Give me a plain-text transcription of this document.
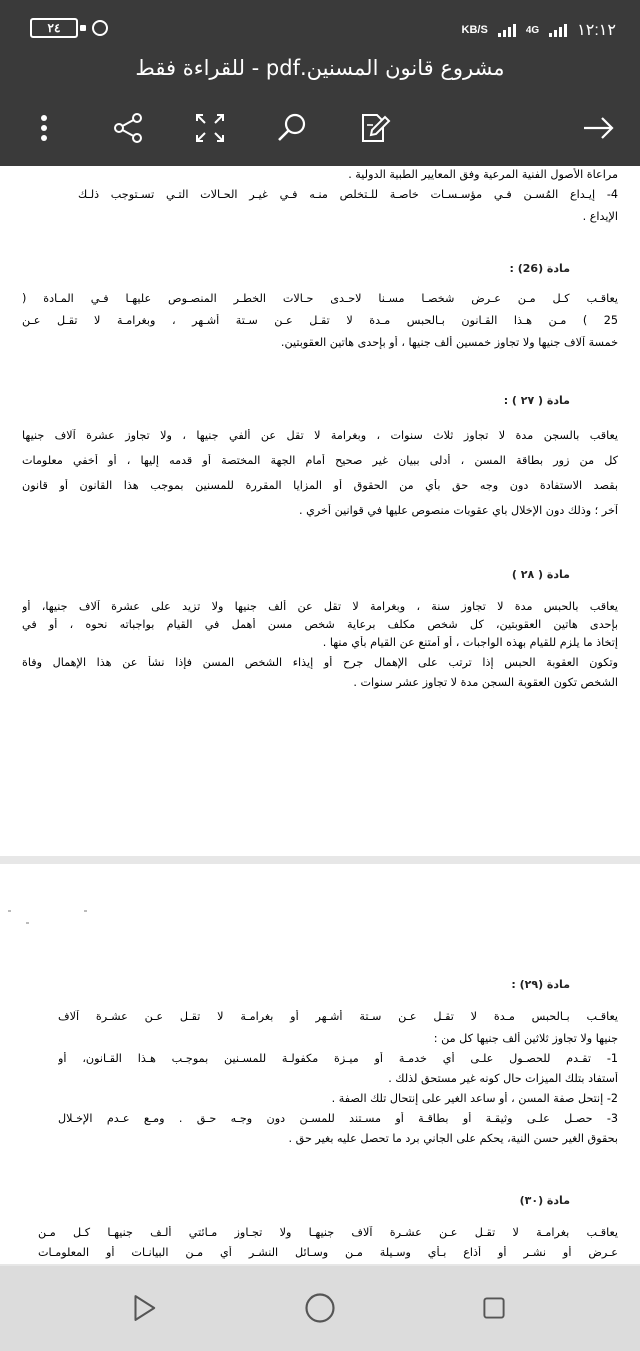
٢٤	KB/S	4G ١٢:١٢
مشروع قانون المسنين.pdf - للقراءة فقط
مراعاة الأصول الفنية المرعية وفق المعايير الطبية الدولية .
4- إيـداع المُسـن فـي مؤسـسـات خاصـة للـتخلص منـه فـي غيـر الحـالات التـي تسـتوجب ذلـك
الإيداع .
مادة (26) :
يعاقـب كـل مـن عـرض شخصـا مسـنا لاحـدى حـالات الخطـر المنصـوص عليهـا فـي المـادة (
25 ) مـن هـذا القـانون بـالحبس مـدة لا تقـل عـن سـتة أشـهر ، وبغرامـة لا تقـل عـن
خمسة آلاف جنيها ولا تجاوز خمسين ألف جنيها ، أو بإحدى هاتين العقوبتين.
مادة ( ٢٧ ) :
يعاقب بالسجن مدة لا تجاوز ثلاث سنوات ، وبغرامة لا تقل عن ألفي جنيها ، ولا تجاوز عشرة آلاف جنيها
كل من زور بطاقة المسن ، أدلى ببيان غير صحيح أمام الجهة المختصة أو قدمه إليها ، أو أخفي معلومات
بقصد الاستفادة دون وجه حق بأي من الحقوق أو المزايا المقررة للمسنين بموجب هذا القانون أو قانون
آخر ؛ وذلك دون الإخلال باي عقوبات منصوص عليها في قوانين أخري .
مادة ( ٢٨ )
يعاقب بالحبس مدة لا تجاوز سنة ، وبغرامة لا تقل عن ألف جنيها ولا تزيد على عشرة آلاف جنيها، أو
بإحدى هاتين العقوبتين، كل شخص مكلف برعاية شخص مسن أهمل في القيام بواجباته نحوه ، أو في
إتخاذ ما يلزم للقيام بهذه الواجبات ، أو أمتنع عن القيام بأي منها .
وتكون العقوبة الحبس إذا ترتب على الإهمال جرح أو إيذاء الشخص المسن فإذا نشأ عن هذا الإهمال وفاة
الشخص تكون العقوبة السجن مدة لا تجاوز عشر سنوات .
مادة (٢٩) :
يعاقـب بـالحبس مـدة لا تقـل عـن سـتة أشـهر أو بغرامـة لا تقـل عـن عشـرة آلاف
جنيها ولا تجاوز ثلاثين ألف جنيها كل من :
1- تقـدم للحصـول علـى أي خدمـة أو ميـزة مكفولـة للمسـنين بموجـب هـذا القـانون، أو
أستفاد بتلك الميزات حال كونه غير مستحق لذلك .
2- إنتحل صفة المسن ، أو ساعد الغير على إنتحال تلك الصفة .
3- حصـل علـى وثيقـة أو بطاقـة أو مسـتند للمسـن دون وجـه حـق . ومـع عـدم الإخـلال
بحقوق الغير حسن النية، يحكم على الجاني برد ما تحصل عليه بغير حق .
مادة (٣٠)
يعاقـب بغرامـة لا تقـل عـن عشـرة آلاف جنيهـا ولا تجـاوز مـائتي ألـف جنيهـا كـل مـن
عـرض أو نشـر أو أذاع بـأي وسـيلة مـن وسـائل النشـر أي مـن البيانـات أو المعلومـات
